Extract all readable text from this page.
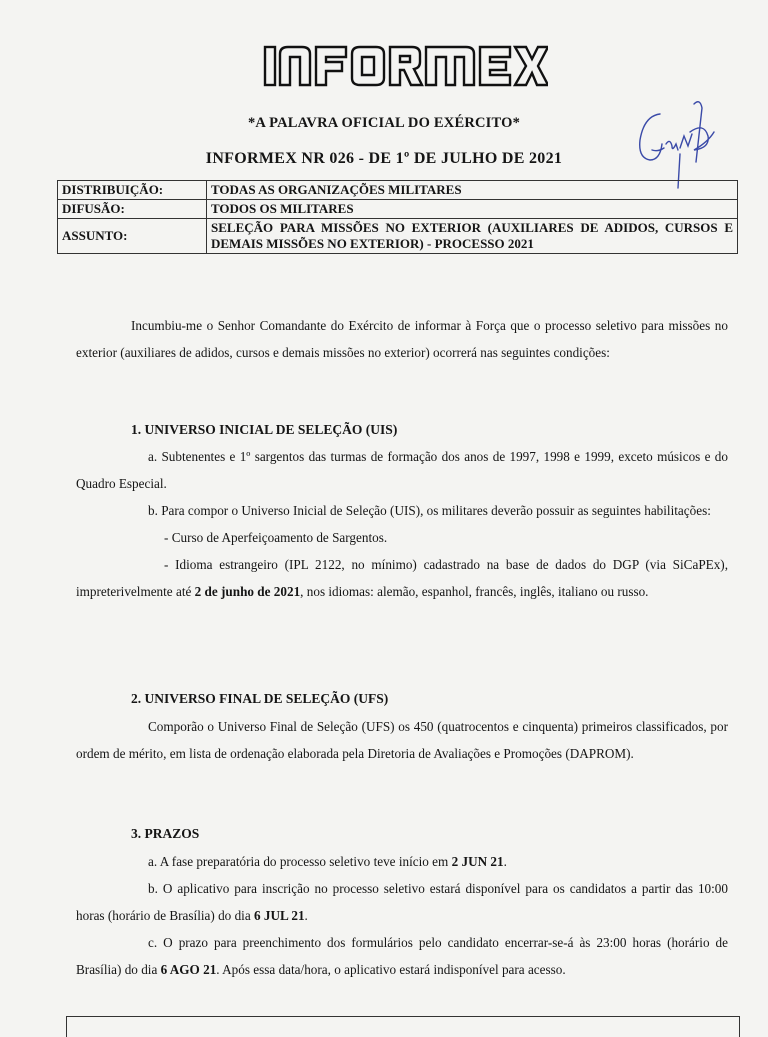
*A PALAVRA OFICIAL DO EXÉRCITO*
INFORMEX NR 026 - DE 1º DE JULHO DE 2021
DISTRIBUIÇÃO:	TODAS AS ORGANIZAÇÕES MILITARES
DIFUSÃO:	TODOS OS MILITARES
ASSUNTO:	SELEÇÃO PARA MISSÕES NO EXTERIOR (AUXILIARES DE ADIDOS, CURSOS E DEMAIS MISSÕES NO EXTERIOR) - PROCESSO 2021

Incumbiu-me o Senhor Comandante do Exército de informar à Força que o processo seletivo para missões no exterior (auxiliares de adidos, cursos e demais missões no exterior) ocorrerá nas seguintes condições:

1. UNIVERSO INICIAL DE SELEÇÃO (UIS)

a. Subtenentes e 1º sargentos das turmas de formação dos anos de 1997, 1998 e 1999, exceto músicos e do Quadro Especial.

b. Para compor o Universo Inicial de Seleção (UIS), os militares deverão possuir as seguintes habilitações:

- Curso de Aperfeiçoamento de Sargentos.

- Idioma estrangeiro (IPL 2122, no mínimo) cadastrado na base de dados do DGP (via SiCaPEx), impreterivelmente até 2 de junho de 2021, nos idiomas: alemão, espanhol, francês, inglês, italiano ou russo.

2. UNIVERSO FINAL DE SELEÇÃO (UFS)

Comporão o Universo Final de Seleção (UFS) os 450 (quatrocentos e cinquenta) primeiros classificados, por ordem de mérito, em lista de ordenação elaborada pela Diretoria de Avaliações e Promoções (DAPROM).

3. PRAZOS

a. A fase preparatória do processo seletivo teve início em 2 JUN 21.

b. O aplicativo para inscrição no processo seletivo estará disponível para os candidatos a partir das 10:00 horas (horário de Brasília) do dia 6 JUL 21.

c. O prazo para preenchimento dos formulários pelo candidato encerrar-se-á às 23:00 horas (horário de Brasília) do dia 6 AGO 21. Após essa data/hora, o aplicativo estará indisponível para acesso.
